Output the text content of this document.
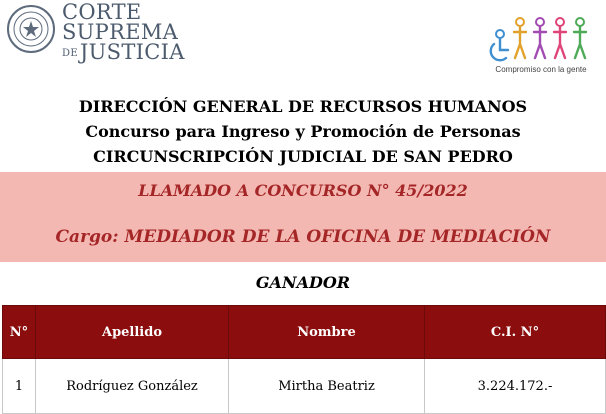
CORTE
SUPREMA
DEJUSTICIA
Compromiso con la gente
DIRECCIÓN GENERAL DE RECURSOS HUMANOS
Concurso para Ingreso y Promoción de Personas
CIRCUNSCRIPCIÓN JUDICIAL DE SAN PEDRO
LLAMADO A CONCURSO N° 45/2022
Cargo: MEDIADOR DE LA OFICINA DE MEDIACIÓN
GANADOR
N°	Apellido	Nombre	C.I. N°
1	Rodríguez González	Mirtha Beatriz	3.224.172.-
